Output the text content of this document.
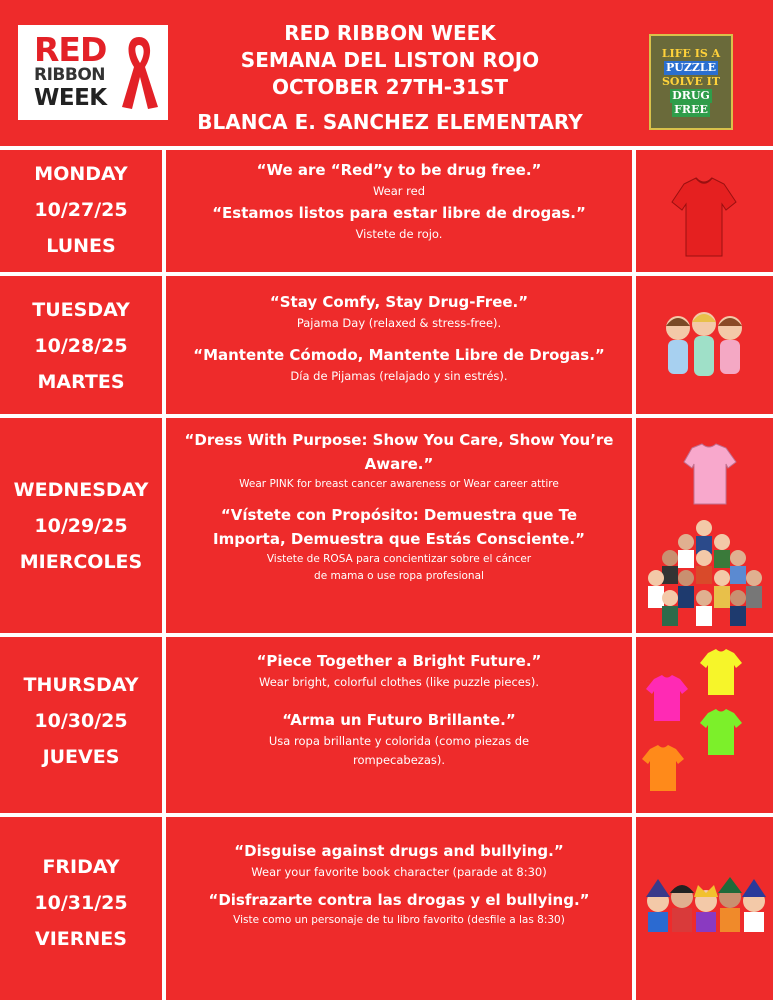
RED
RIBBON
WEEK
RED RIBBON WEEK
SEMANA DEL LISTON ROJO
OCTOBER 27TH-31ST
BLANCA E. SANCHEZ ELEMENTARY
LIFE IS A
PUZZLE
SOLVE IT
DRUG
FREE
MONDAY
10/27/25
LUNES
“We are “Red”y to be drug free.”
Wear red
“Estamos listos para estar libre de drogas.”
Vistete de rojo.
TUESDAY
10/28/25
MARTES
“Stay Comfy, Stay Drug-Free.”
Pajama Day (relaxed & stress-free).
“Mantente Cómodo, Mantente Libre de Drogas.”
Día de Pijamas (relajado y sin estrés).
WEDNESDAY
10/29/25
MIERCOLES
“Dress With Purpose: Show You Care, Show You’re
Aware.”
Wear PINK for breast cancer awareness or Wear career attire
“Vístete con Propósito: Demuestra que Te
Importa, Demuestra que Estás Consciente.”
Vistete de ROSA para concientizar sobre el cáncer
de mama o use ropa profesional
THURSDAY
10/30/25
JUEVES
“Piece Together a Bright Future.”
Wear bright, colorful clothes (like puzzle pieces).
“Arma un Futuro Brillante.”
Usa ropa brillante y colorida (como piezas de
rompecabezas).
FRIDAY
10/31/25
VIERNES
“Disguise against drugs and bullying.”
Wear your favorite book character (parade at 8:30)
“Disfrazarte contra las drogas y el bullying.”
Viste como un personaje de tu libro favorito (desfile a las 8:30)
